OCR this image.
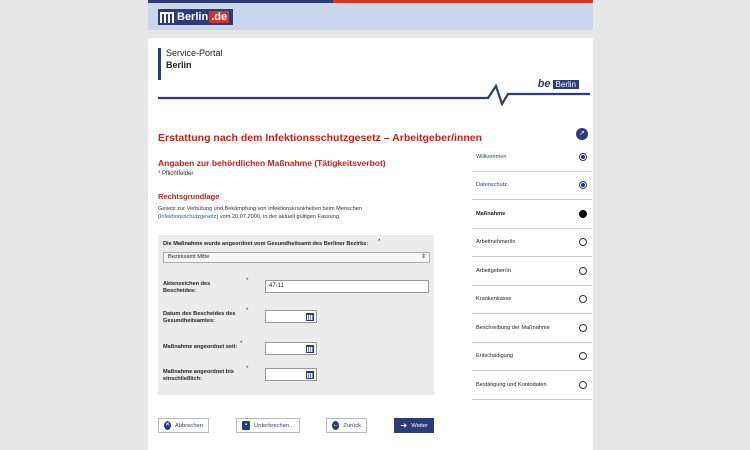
Berlin .de
Service-Portal
Berlin
be Berlin
Erstattung nach dem Infektionsschutzgesetz – Arbeitgeber/innen
Angaben zur behördlichen Maßnahme (Tätigkeitsverbot)
* Pflichtfelder
Rechtsgrundlage
Gesetz zur Verhütung und Bekämpfung von Infektionskrankheiten beim Menschen (Infektionsschutzgesetz) vom 20.07.2000, in der aktuell gültigen Fassung.
Die Maßnahme wurde angeordnet vom Gesundheitsamt des Berliner Bezirks: *
Bezirksamt Mitte	⇕
Aktenzeichen des Bescheides:
*
47-11
Datum des Bescheides des Gesundheitsamtes:
*
Maßnahme angeordnet seit: *
Maßnahme angeordnet bis einschließlich:
*
➚
Willkommen
Datenschutz
Maßnahme
Arbeitnehmer/in
Arbeitgeber/in
Krankenkasse
Beschreibung der Maßnahme
Entschädigung
Bestätigung und Kontodaten
✕ Abbrechen	▪	Unterbrechen...	← Zurück	➔ Weiter
